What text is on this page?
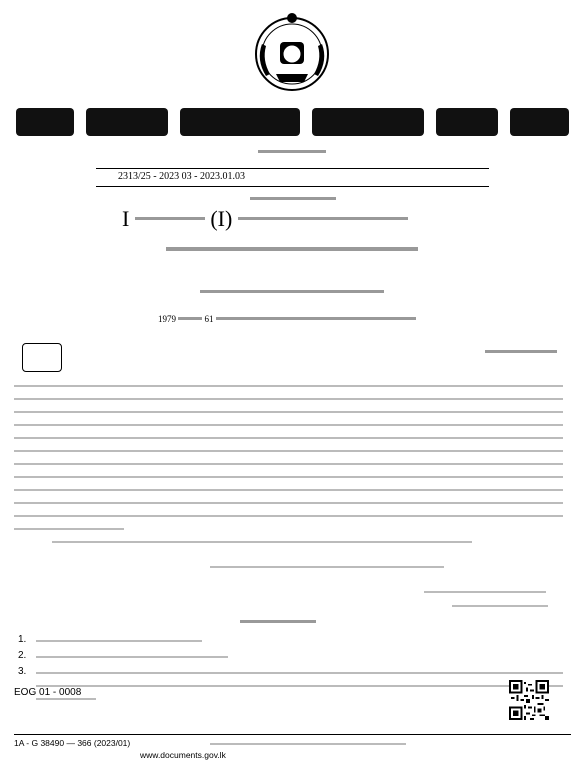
2313/25 - 2023 03 - 2023.01.03
I	(I)
1979	61
1.
2.
3.
EOG 01 - 0008
1A - G 38490 — 366 (2023/01)
www.documents.gov.lk
